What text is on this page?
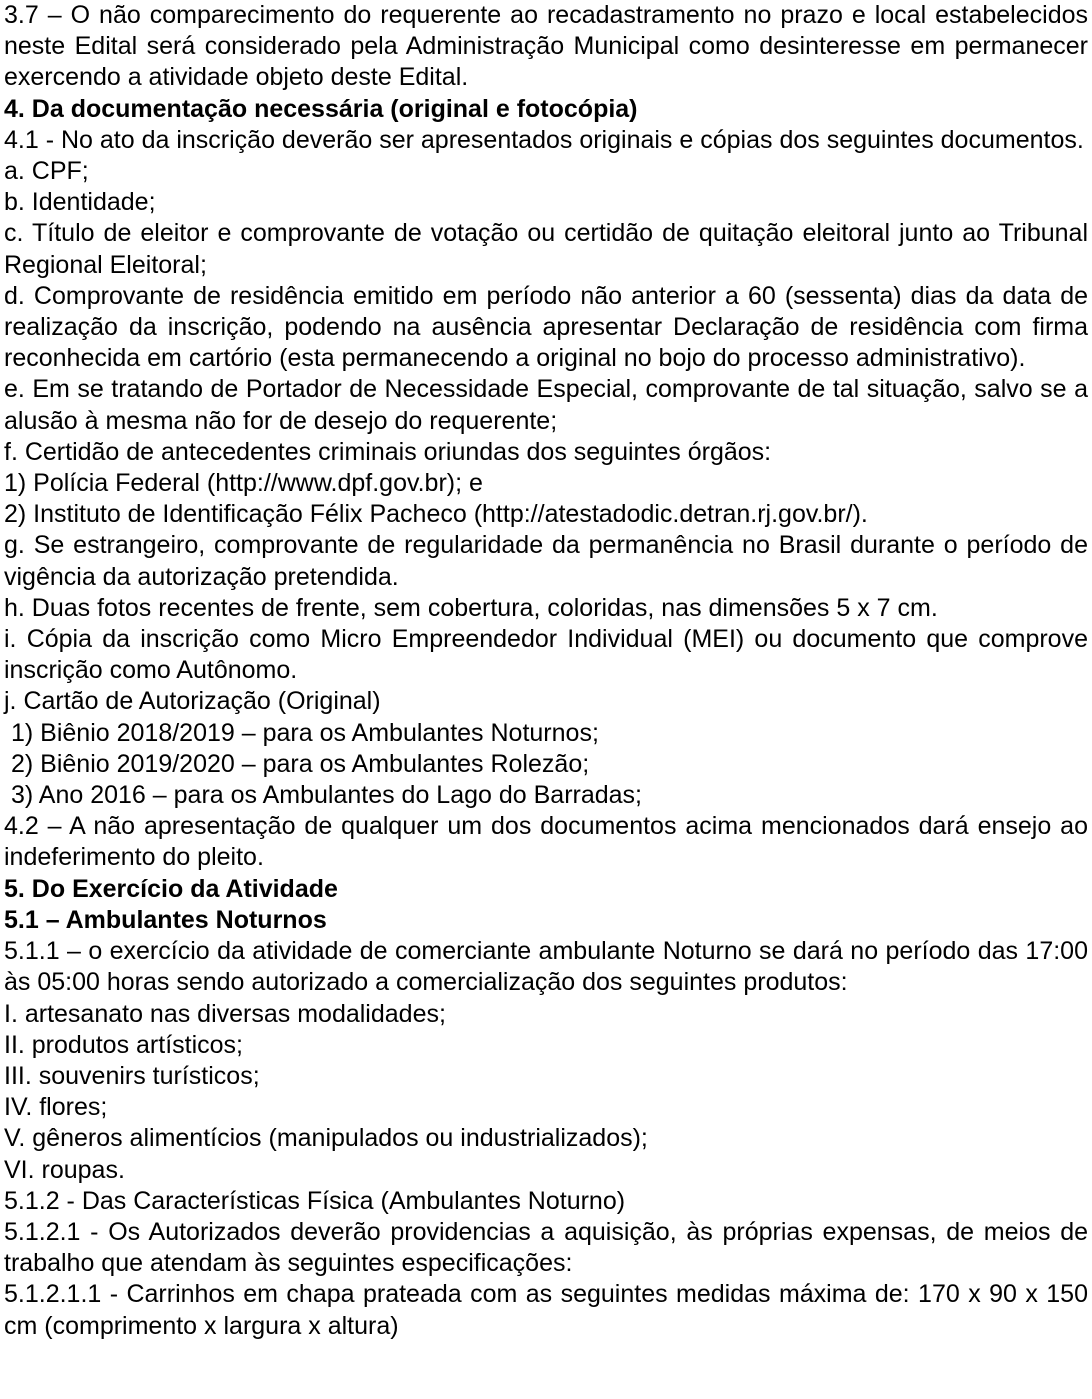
3.7 – O não comparecimento do requerente ao recadastramento no prazo e local estabelecidos neste Edital será considerado pela Administração Municipal como desinteresse em permanecer exercendo a atividade objeto deste Edital.
4. Da documentação necessária (original e fotocópia)
4.1 - No ato da inscrição deverão ser apresentados originais e cópias dos seguintes documentos.
a. CPF;
b. Identidade;
c. Título de eleitor e comprovante de votação ou certidão de quitação eleitoral junto ao Tribunal Regional Eleitoral;
d. Comprovante de residência emitido em período não anterior a 60 (sessenta) dias da data de realização da inscrição, podendo na ausência apresentar Declaração de residência com firma reconhecida em cartório (esta permanecendo a original no bojo do processo administrativo).
e. Em se tratando de Portador de Necessidade Especial, comprovante de tal situação, salvo se a alusão à mesma não for de desejo do requerente;
f. Certidão de antecedentes criminais oriundas dos seguintes órgãos:
1) Polícia Federal (http://www.dpf.gov.br); e
2) Instituto de Identificação Félix Pacheco (http://atestadodic.detran.rj.gov.br/).
g. Se estrangeiro, comprovante de regularidade da permanência no Brasil durante o período de vigência da autorização pretendida.
h. Duas fotos recentes de frente, sem cobertura, coloridas, nas dimensões 5 x 7 cm.
i. Cópia da inscrição como Micro Empreendedor Individual (MEI) ou documento que comprove inscrição como Autônomo.
j. Cartão de Autorização (Original)
1) Biênio 2018/2019 – para os Ambulantes Noturnos;
2) Biênio 2019/2020 – para os Ambulantes Rolezão;
3) Ano 2016 – para os Ambulantes do Lago do Barradas;
4.2 – A não apresentação de qualquer um dos documentos acima mencionados dará ensejo ao indeferimento do pleito.
5. Do Exercício da Atividade
5.1 – Ambulantes Noturnos
5.1.1 – o exercício da atividade de comerciante ambulante Noturno se dará no período das 17:00 às 05:00 horas sendo autorizado a comercialização dos seguintes produtos:
I. artesanato nas diversas modalidades;
II. produtos artísticos;
III. souvenirs turísticos;
IV. flores;
V. gêneros alimentícios (manipulados ou industrializados);
VI. roupas.
5.1.2 - Das Características Física (Ambulantes Noturno)
5.1.2.1 - Os Autorizados deverão providencias a aquisição, às próprias expensas, de meios de trabalho que atendam às seguintes especificações:
5.1.2.1.1 - Carrinhos em chapa prateada com as seguintes medidas máxima de: 170 x 90 x 150 cm (comprimento x largura x altura)
